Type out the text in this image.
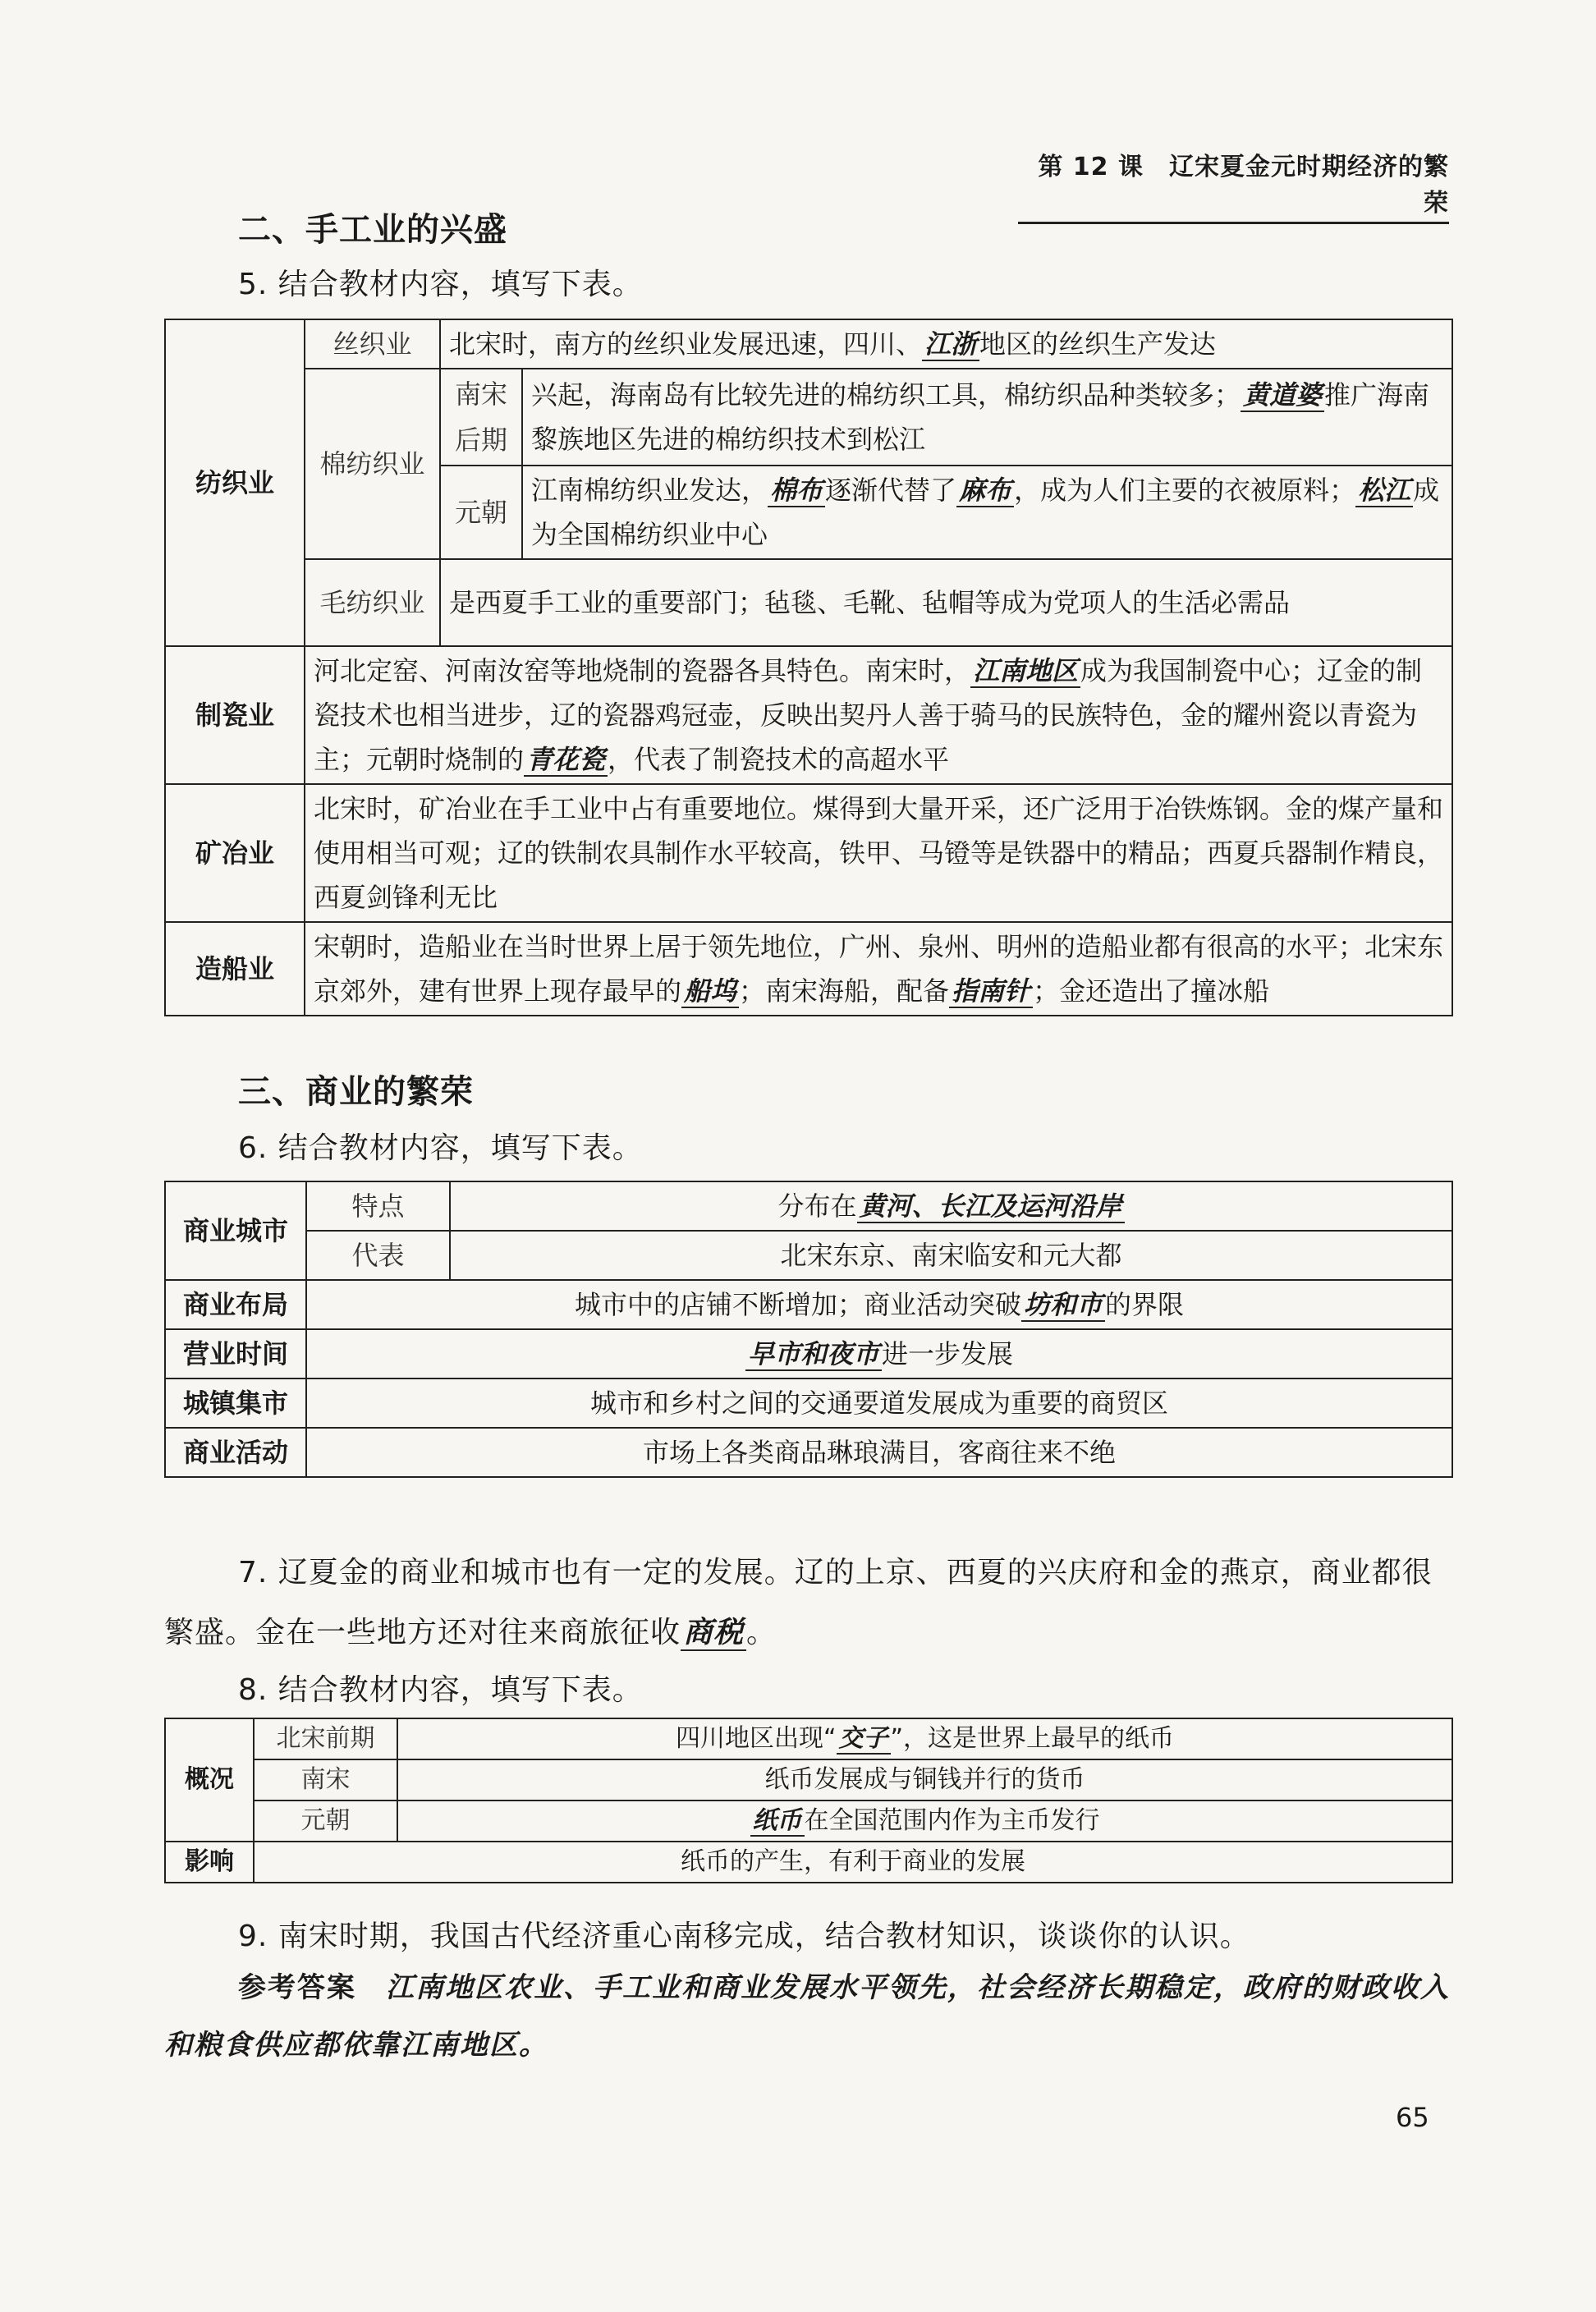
第 12 课　辽宋夏金元时期经济的繁荣
二、手工业的兴盛
5. 结合教材内容，填写下表。
纺织业	丝织业	北宋时，南方的丝织业发展迅速，四川、江浙地区的丝织生产发达	
	棉纺织业	南宋后期	兴起，海南岛有比较先进的棉纺织工具，棉纺织品种类较多；黄道婆推广海南黎族地区先进的棉纺织技术到松江
		元朝	江南棉纺织业发达，棉布逐渐代替了麻布，成为人们主要的衣被原料；松江成为全国棉纺织业中心
	毛纺织业	是西夏手工业的重要部门；毡毯、毛靴、毡帽等成为党项人的生活必需品	
制瓷业	河北定窑、河南汝窑等地烧制的瓷器各具特色。南宋时，江南地区成为我国制瓷中心；辽金的制瓷技术也相当进步，辽的瓷器鸡冠壶，反映出契丹人善于骑马的民族特色，金的耀州瓷以青瓷为主；元朝时烧制的青花瓷，代表了制瓷技术的高超水平		
矿冶业	北宋时，矿冶业在手工业中占有重要地位。煤得到大量开采，还广泛用于冶铁炼钢。金的煤产量和使用相当可观；辽的铁制农具制作水平较高，铁甲、马镫等是铁器中的精品；西夏兵器制作精良，西夏剑锋利无比		
造船业	宋朝时，造船业在当时世界上居于领先地位，广州、泉州、明州的造船业都有很高的水平；北宋东京郊外，建有世界上现存最早的船坞；南宋海船，配备指南针；金还造出了撞冰船		
三、商业的繁荣
6. 结合教材内容，填写下表。
商业城市	特点	分布在黄河、长江及运河沿岸
	代表	北宋东京、南宋临安和元大都
商业布局	城市中的店铺不断增加；商业活动突破坊和市的界限	
营业时间	早市和夜市进一步发展	
城镇集市	城市和乡村之间的交通要道发展成为重要的商贸区	
商业活动	市场上各类商品琳琅满目，客商往来不绝	
7. 辽夏金的商业和城市也有一定的发展。辽的上京、西夏的兴庆府和金的燕京，商业都很繁盛。金在一些地方还对往来商旅征收商税。
8. 结合教材内容，填写下表。
概况	北宋前期	四川地区出现“ 交子 ”，这是世界上最早的纸币
	南宋	纸币发展成与铜钱并行的货币
	元朝	纸币 在全国范围内作为主币发行
影响	纸币的产生，有利于商业的发展	
9. 南宋时期，我国古代经济重心南移完成，结合教材知识，谈谈你的认识。
参考答案　 江南地区农业、手工业和商业发展水平领先，社会经济长期稳定，政府的财政收入和粮食供应都依靠江南地区。
65
